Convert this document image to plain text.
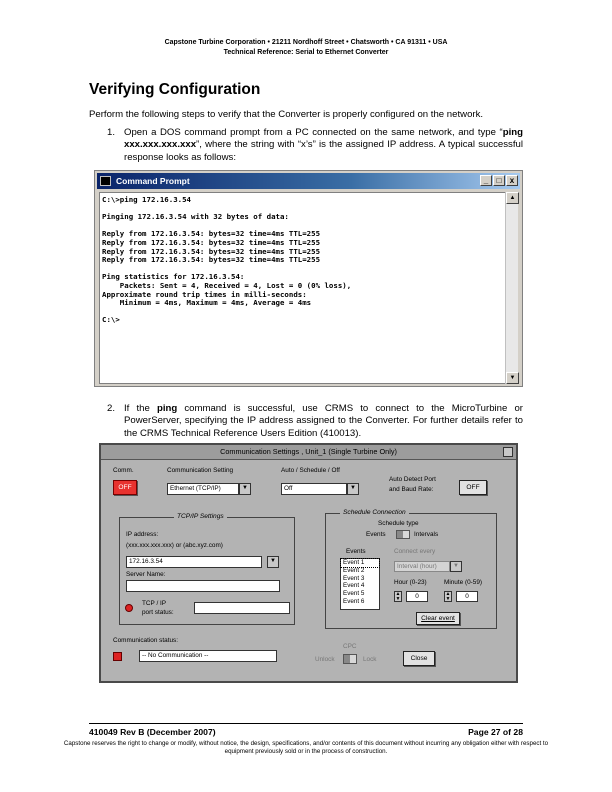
Capstone Turbine Corporation • 21211 Nordhoff Street • Chatsworth • CA 91311 • USA
Technical Reference: Serial to Ethernet Converter
Verifying Configuration
Perform the following steps to verify that the Converter is properly configured on the network.
1. Open a DOS command prompt from a PC connected on the same network, and type “ping xxx.xxx.xxx.xxx”, where the string with “x’s” is the assigned IP address. A typical successful response looks as follows:
Command Prompt	_	□	x
C:\>ping 172.16.3.54

Pinging 172.16.3.54 with 32 bytes of data:

Reply from 172.16.3.54: bytes=32 time=4ms TTL=255
Reply from 172.16.3.54: bytes=32 time=4ms TTL=255
Reply from 172.16.3.54: bytes=32 time=4ms TTL=255
Reply from 172.16.3.54: bytes=32 time=4ms TTL=255

Ping statistics for 172.16.3.54:
Packets: Sent = 4, Received = 4, Lost = 0 (0% loss),
Approximate round trip times in milli-seconds:
Minimum = 4ms, Maximum = 4ms, Average = 4ms

C:\>
▲
▼
2. If the ping command is successful, use CRMS to connect to the MicroTurbine or PowerServer, specifying the IP address assigned to the Converter. For further details refer to the CRMS Technical Reference Users Edition (410013).
Communication Settings , Unit_1 (Single Turbine Only)
Comm.
OFF
Communication Setting
Ethernet (TCP/IP)	▼
Auto / Schedule / Off
Off	▼
Auto Detect Port
and Baud Rate:	OFF
TCP/IP Settings
IP address:
(xxx.xxx.xxx.xxx) or (abc.xyz.com)
172.16.3.54	▼
Server Name:
TCP / IP
port status:
Schedule Connection
Schedule type
Events	Intervals
Events
Event 1
Event 2
Event 3
Event 4
Event 5
Event 6
Connect every
Interval (hour)	▼
Hour (0-23)	Minute (0-59)
▲
▼	0	▲
▼	0
Clear event
Communication status:
-- No Communication --
CPC
Unlock	Lock	Close
410049 Rev B (December 2007)	Page 27 of 28
Capstone reserves the right to change or modify, without notice, the design, specifications, and/or contents of this document without incurring any obligation either with respect to equipment previously sold or in the process of construction.
